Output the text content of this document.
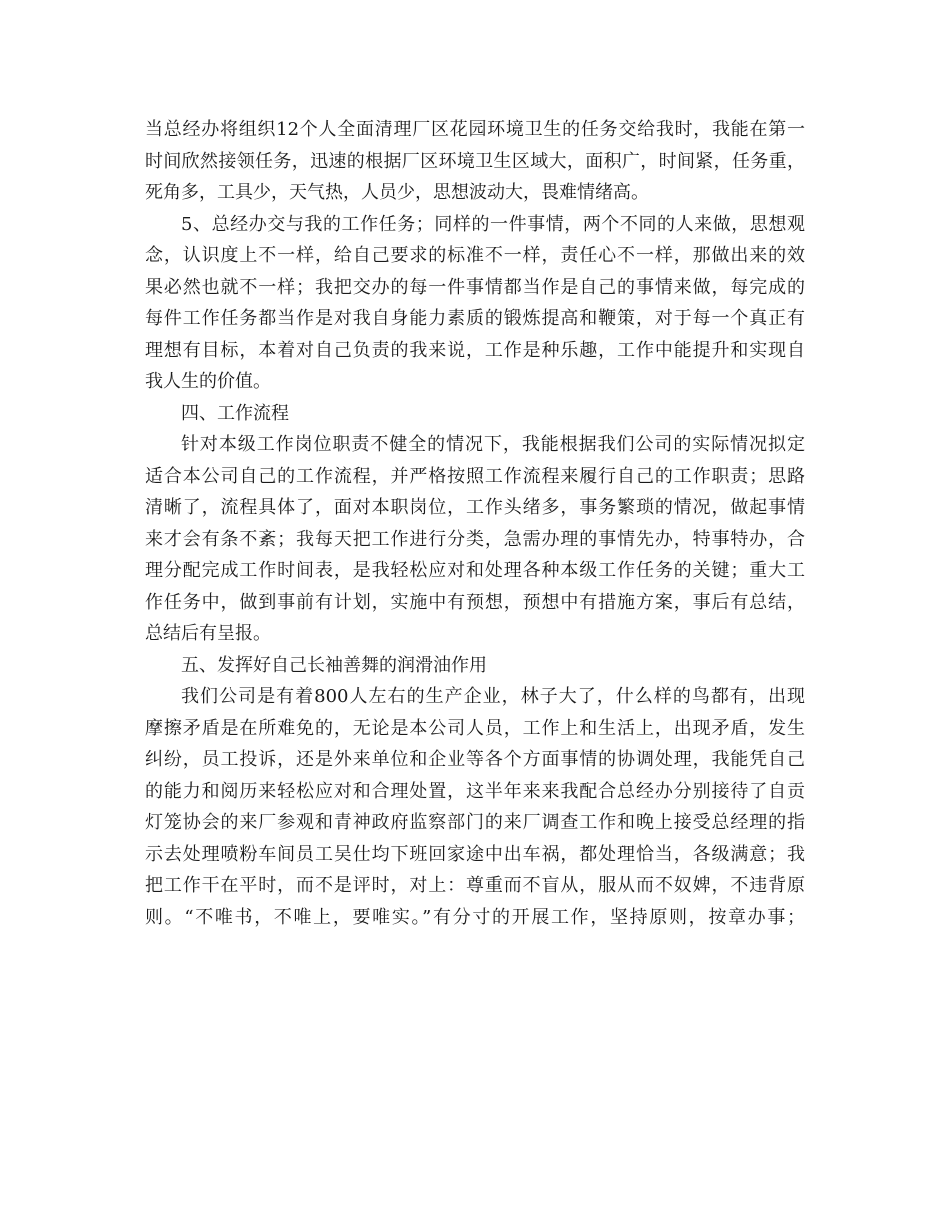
当总经办将组织12个人全面清理厂区花园环境卫生的任务交给我时，我能在第一
时间欣然接领任务，迅速的根据厂区环境卫生区域大，面积广，时间紧，任务重，
死角多，工具少，天气热，人员少，思想波动大，畏难情绪高。
5、总经办交与我的工作任务；同样的一件事情，两个不同的人来做，思想观
念，认识度上不一样，给自己要求的标准不一样，责任心不一样，那做出来的效
果必然也就不一样；我把交办的每一件事情都当作是自己的事情来做，每完成的
每件工作任务都当作是对我自身能力素质的锻炼提高和鞭策，对于每一个真正有
理想有目标，本着对自己负责的我来说，工作是种乐趣，工作中能提升和实现自
我人生的价值。
四、工作流程
针对本级工作岗位职责不健全的情况下，我能根据我们公司的实际情况拟定
适合本公司自己的工作流程，并严格按照工作流程来履行自己的工作职责；思路
清晰了，流程具体了，面对本职岗位，工作头绪多，事务繁琐的情况，做起事情
来才会有条不紊；我每天把工作进行分类，急需办理的事情先办，特事特办，合
理分配完成工作时间表，是我轻松应对和处理各种本级工作任务的关键；重大工
作任务中，做到事前有计划，实施中有预想，预想中有措施方案，事后有总结，
总结后有呈报。
五、发挥好自己长袖善舞的润滑油作用
我们公司是有着800人左右的生产企业，林子大了，什么样的鸟都有，出现
摩擦矛盾是在所难免的，无论是本公司人员，工作上和生活上，出现矛盾，发生
纠纷，员工投诉，还是外来单位和企业等各个方面事情的协调处理，我能凭自己
的能力和阅历来轻松应对和合理处置，这半年来来我配合总经办分别接待了自贡
灯笼协会的来厂参观和青神政府监察部门的来厂调查工作和晚上接受总经理的指
示去处理喷粉车间员工吴仕均下班回家途中出车祸，都处理恰当，各级满意；我
把工作干在平时，而不是评时，对上：尊重而不盲从，服从而不奴婢，不违背原
则。“不唯书，不唯上，要唯实。”有分寸的开展工作，坚持原则，按章办事；
